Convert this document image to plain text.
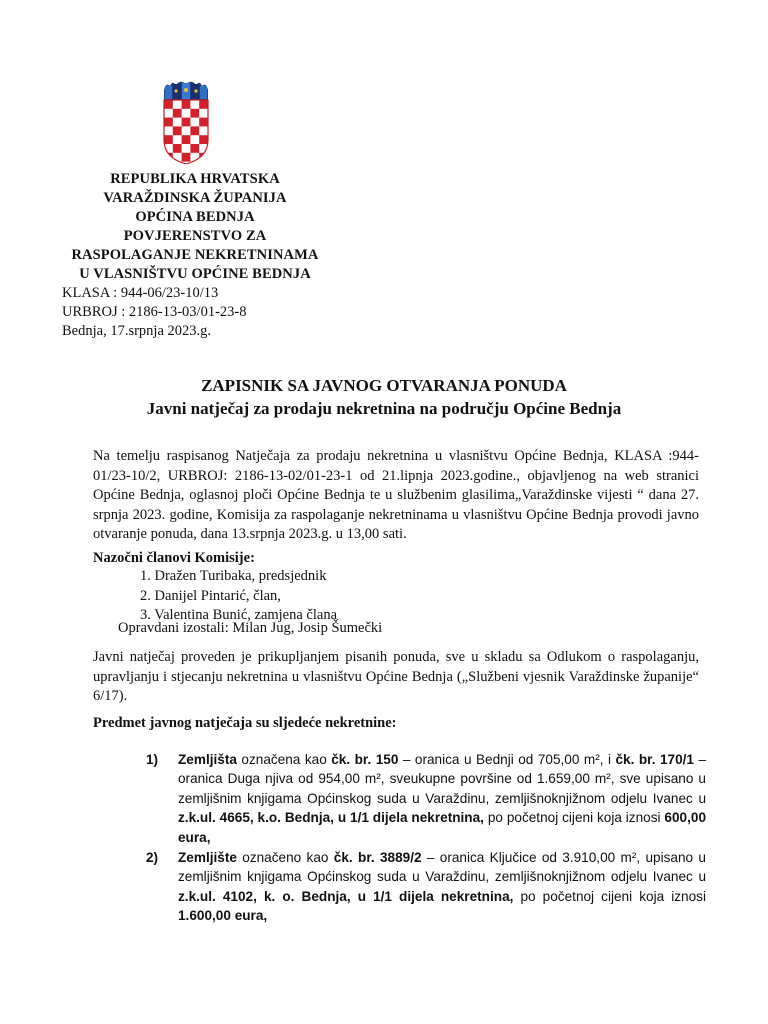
REPUBLIKA HRVATSKA
VARAŽDINSKA ŽUPANIJA
OPĆINA BEDNJA
POVJERENSTVO ZA
RASPOLAGANJE NEKRETNINAMA
U VLASNIŠTVU OPĆINE BEDNJA
KLASA : 944-06/23-10/13
URBROJ : 2186-13-03/01-23-8
Bednja, 17.srpnja 2023.g.
ZAPISNIK SA JAVNOG OTVARANJA PONUDA
Javni natječaj za prodaju nekretnina na području Općine Bednja
Na temelju raspisanog Natječaja za prodaju nekretnina u vlasništvu Općine Bednja, KLASA :944-01/23-10/2, URBROJ: 2186-13-02/01-23-1 od 21.lipnja 2023.godine., objavljenog na web stranici Općine Bednja, oglasnoj ploči Općine Bednja te u službenim glasilima„Varaždinske vijesti “ dana 27. srpnja 2023. godine, Komisija za raspolaganje nekretninama u vlasništvu Općine Bednja provodi javno otvaranje ponuda, dana 13.srpnja 2023.g. u 13,00 sati.
Nazočni članovi Komisije:
1. Dražen Turibaka, predsjednik
2. Danijel Pintarić, član,
3. Valentina Bunić, zamjena člana
Opravdani izostali: Milan Jug, Josip Šumečki
Javni natječaj proveden je prikupljanjem pisanih ponuda, sve u skladu sa Odlukom o raspolaganju, upravljanju i stjecanju nekretnina u vlasništvu Općine Bednja („Službeni vjesnik Varaždinske županije“ 6/17).
Predmet javnog natječaja su sljedeće nekretnine:
1) Zemljišta označena kao čk. br. 150 – oranica u Bednji od 705,00 m², i čk. br. 170/1 – oranica Duga njiva od 954,00 m², sveukupne površine od 1.659,00 m², sve upisano u zemljišnim knjigama Općinskog suda u Varaždinu, zemljišnoknjižnom odjelu Ivanec u z.k.ul. 4665, k.o. Bednja, u 1/1 dijela nekretnina, po početnoj cijeni koja iznosi 600,00 eura,
2) Zemljište označeno kao čk. br. 3889/2 – oranica Ključice od 3.910,00 m², upisano u zemljišnim knjigama Općinskog suda u Varaždinu, zemljišnoknjižnom odjelu Ivanec u z.k.ul. 4102, k. o. Bednja, u 1/1 dijela nekretnina, po početnoj cijeni koja iznosi 1.600,00 eura,
